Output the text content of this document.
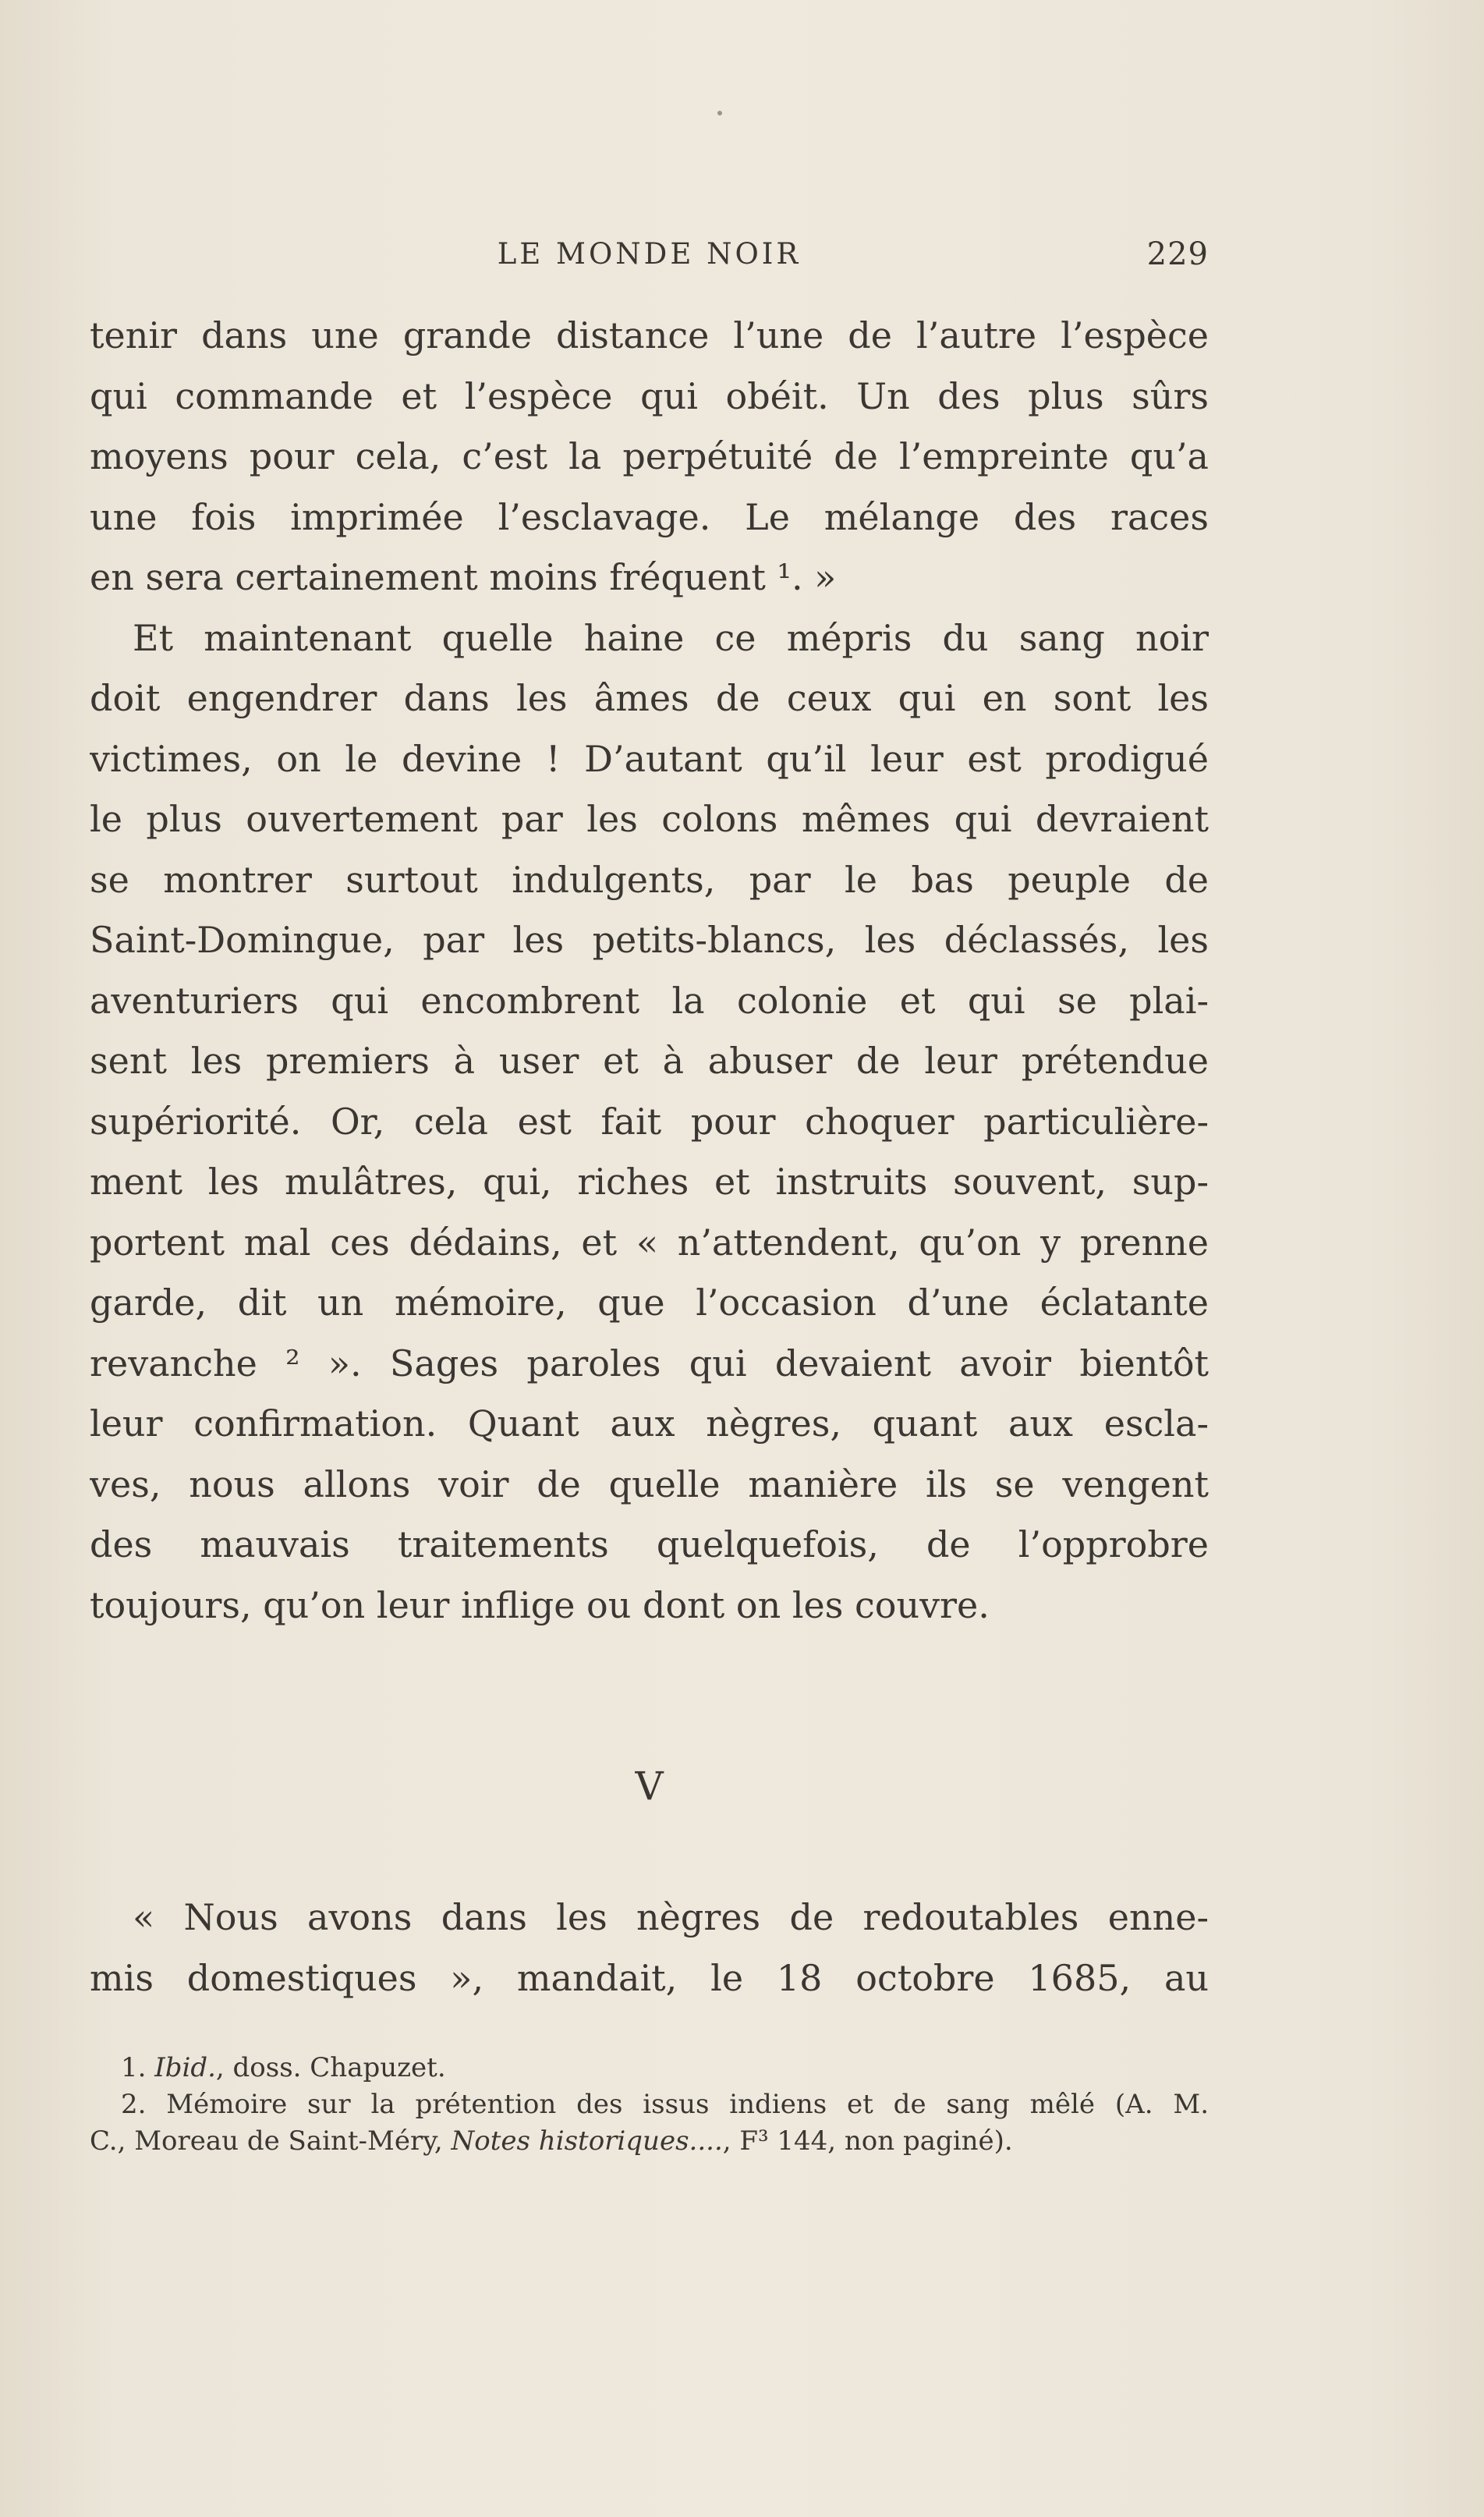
LE MONDE NOIR	229
tenir dans une grande distance l’une de l’autre l’espèce
qui commande et l’espèce qui obéit. Un des plus sûrs
moyens pour cela, c’est la perpétuité de l’empreinte qu’a
une fois imprimée l’esclavage. Le mélange des races
en sera certainement moins fréquent ¹. »
Et maintenant quelle haine ce mépris du sang noir
doit engendrer dans les âmes de ceux qui en sont les
victimes, on le devine ! D’autant qu’il leur est prodigué
le plus ouvertement par les colons mêmes qui devraient
se montrer surtout indulgents, par le bas peuple de
Saint-Domingue, par les petits-blancs, les déclassés, les
aventuriers qui encombrent la colonie et qui se plai-
sent les premiers à user et à abuser de leur prétendue
supériorité. Or, cela est fait pour choquer particulière-
ment les mulâtres, qui, riches et instruits souvent, sup-
portent mal ces dédains, et « n’attendent, qu’on y prenne
garde, dit un mémoire, que l’occasion d’une éclatante
revanche ² ». Sages paroles qui devaient avoir bientôt
leur confirmation. Quant aux nègres, quant aux escla-
ves, nous allons voir de quelle manière ils se vengent
des mauvais traitements quelquefois, de l’opprobre
toujours, qu’on leur inflige ou dont on les couvre.
V
« Nous avons dans les nègres de redoutables enne-
mis domestiques », mandait, le 18 octobre 1685, au
1. Ibid., doss. Chapuzet.
2. Mémoire sur la prétention des issus indiens et de sang mêlé (A. M.
C., Moreau de Saint-Méry, Notes historiques...., F³ 144, non paginé).
